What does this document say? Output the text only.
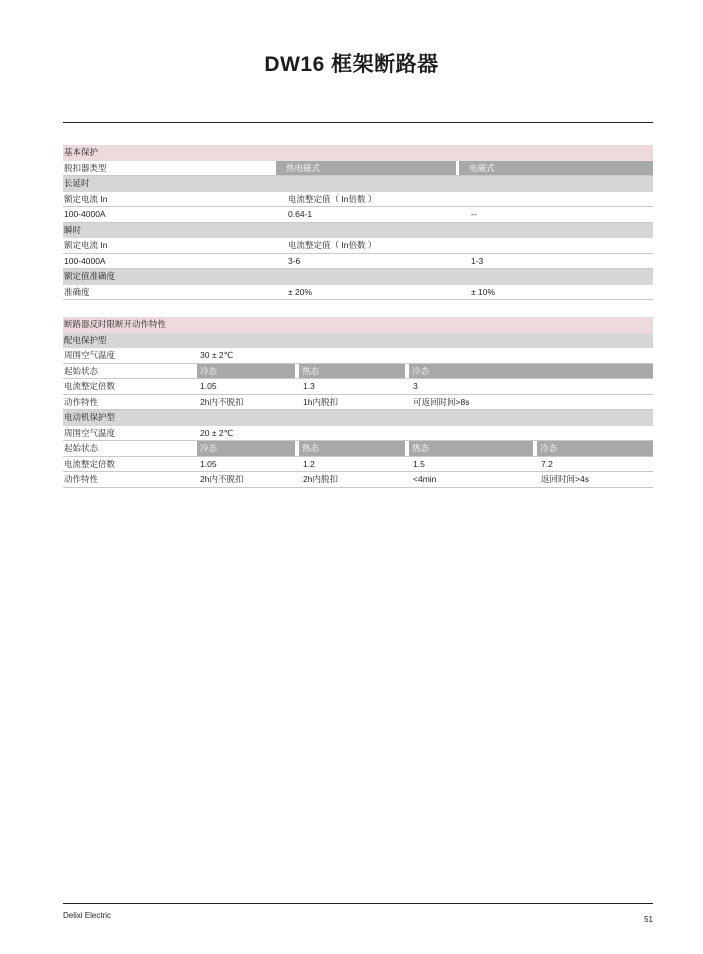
DW16 框架断路器
基本保护
脱扣器类型	热电磁式	电磁式
长延时
额定电流 In	电流整定值（ In倍数 ）
100-4000A	0.64-1	--
瞬时
额定电流 In	电流整定值（ In倍数 ）
100-4000A	3-6	1-3
额定值准确度
准确度	± 20%	± 10%
断路器反时限断开动作特性
配电保护型
周围空气温度	30 ± 2℃
起始状态	冷态	热态	冷态
电流整定倍数	1.05	1.3	3
动作特性	2h内不脱扣	1h内脱扣	可返回时间>8s
电动机保护型
周围空气温度	20 ± 2℃
起始状态	冷态	热态	热态	冷态
电流整定倍数	1.05	1.2	1.5	7.2
动作特性	2h内不脱扣	2h内脱扣	<4min	返回时间>4s
Delixi Electric	51
